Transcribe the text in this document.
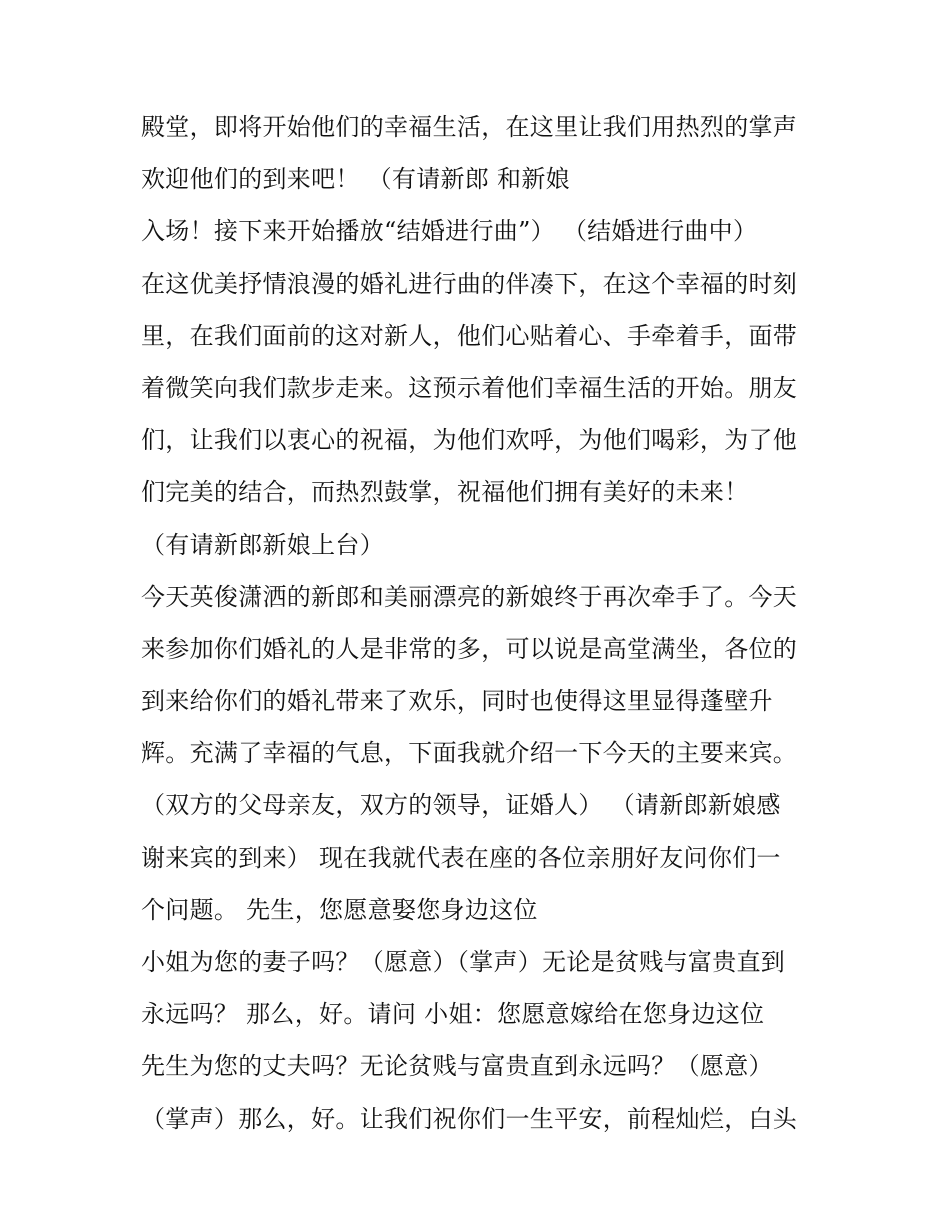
殿堂，即将开始他们的幸福生活，在这里让我们用热烈的掌声
欢迎他们的到来吧！ （有请新郎 和新娘
入场！接下来开始播放“结婚进行曲”） （结婚进行曲中）
在这优美抒情浪漫的婚礼进行曲的伴凑下，在这个幸福的时刻
里，在我们面前的这对新人，他们心贴着心、手牵着手，面带
着微笑向我们款步走来。这预示着他们幸福生活的开始。朋友
们，让我们以衷心的祝福，为他们欢呼，为他们喝彩，为了他
们完美的结合，而热烈鼓掌，祝福他们拥有美好的未来！
（有请新郎新娘上台）
今天英俊潇洒的新郎和美丽漂亮的新娘终于再次牵手了。今天
来参加你们婚礼的人是非常的多，可以说是高堂满坐，各位的
到来给你们的婚礼带来了欢乐，同时也使得这里显得蓬壁升
辉。充满了幸福的气息，下面我就介绍一下今天的主要来宾。
（双方的父母亲友，双方的领导，证婚人） （请新郎新娘感
谢来宾的到来） 现在我就代表在座的各位亲朋好友问你们一
个问题。 先生，您愿意娶您身边这位
小姐为您的妻子吗？（愿意）（掌声）无论是贫贱与富贵直到
永远吗？ 那么，好。请问 小姐：您愿意嫁给在您身边这位
先生为您的丈夫吗？无论贫贱与富贵直到永远吗？（愿意）
（掌声）那么，好。让我们祝你们一生平安，前程灿烂，白头
